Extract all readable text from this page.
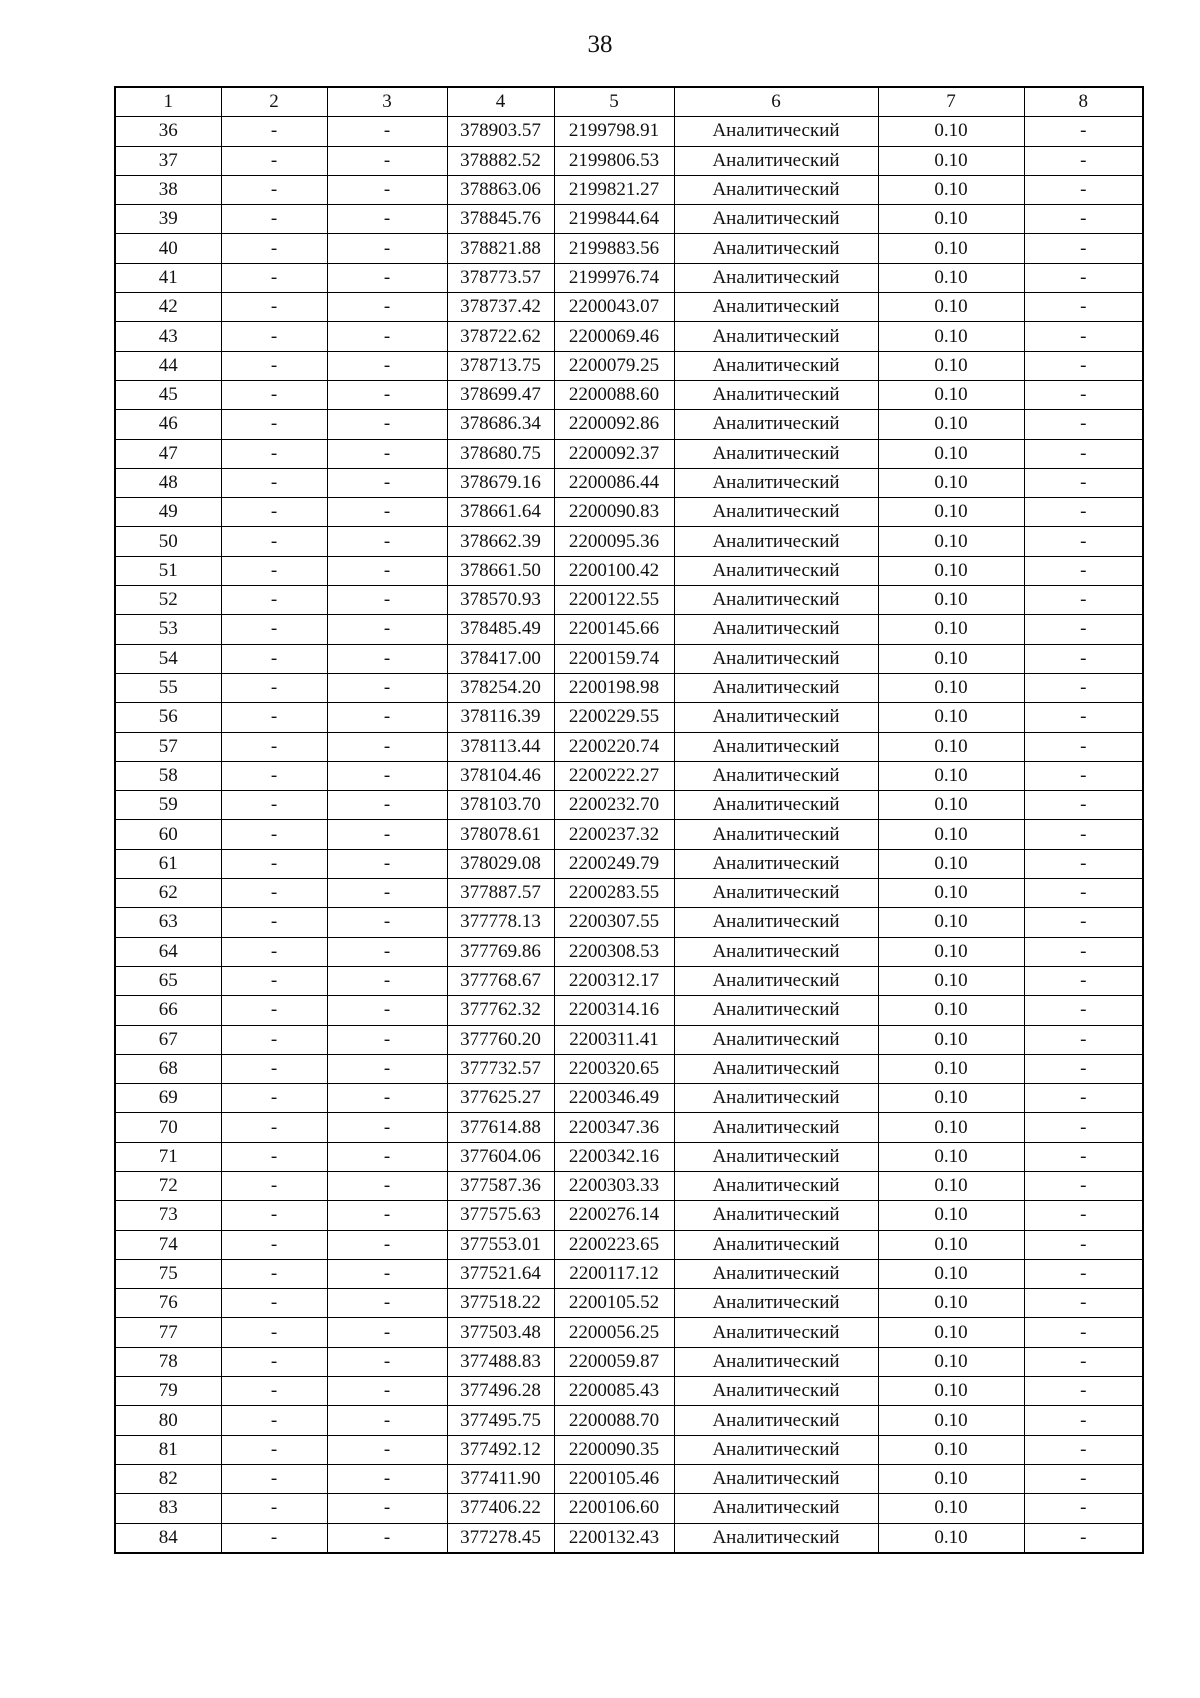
38
1	2	3	4	5	6	7	8
36	-	-	378903.57	2199798.91	Аналитический	0.10	-
37	-	-	378882.52	2199806.53	Аналитический	0.10	-
38	-	-	378863.06	2199821.27	Аналитический	0.10	-
39	-	-	378845.76	2199844.64	Аналитический	0.10	-
40	-	-	378821.88	2199883.56	Аналитический	0.10	-
41	-	-	378773.57	2199976.74	Аналитический	0.10	-
42	-	-	378737.42	2200043.07	Аналитический	0.10	-
43	-	-	378722.62	2200069.46	Аналитический	0.10	-
44	-	-	378713.75	2200079.25	Аналитический	0.10	-
45	-	-	378699.47	2200088.60	Аналитический	0.10	-
46	-	-	378686.34	2200092.86	Аналитический	0.10	-
47	-	-	378680.75	2200092.37	Аналитический	0.10	-
48	-	-	378679.16	2200086.44	Аналитический	0.10	-
49	-	-	378661.64	2200090.83	Аналитический	0.10	-
50	-	-	378662.39	2200095.36	Аналитический	0.10	-
51	-	-	378661.50	2200100.42	Аналитический	0.10	-
52	-	-	378570.93	2200122.55	Аналитический	0.10	-
53	-	-	378485.49	2200145.66	Аналитический	0.10	-
54	-	-	378417.00	2200159.74	Аналитический	0.10	-
55	-	-	378254.20	2200198.98	Аналитический	0.10	-
56	-	-	378116.39	2200229.55	Аналитический	0.10	-
57	-	-	378113.44	2200220.74	Аналитический	0.10	-
58	-	-	378104.46	2200222.27	Аналитический	0.10	-
59	-	-	378103.70	2200232.70	Аналитический	0.10	-
60	-	-	378078.61	2200237.32	Аналитический	0.10	-
61	-	-	378029.08	2200249.79	Аналитический	0.10	-
62	-	-	377887.57	2200283.55	Аналитический	0.10	-
63	-	-	377778.13	2200307.55	Аналитический	0.10	-
64	-	-	377769.86	2200308.53	Аналитический	0.10	-
65	-	-	377768.67	2200312.17	Аналитический	0.10	-
66	-	-	377762.32	2200314.16	Аналитический	0.10	-
67	-	-	377760.20	2200311.41	Аналитический	0.10	-
68	-	-	377732.57	2200320.65	Аналитический	0.10	-
69	-	-	377625.27	2200346.49	Аналитический	0.10	-
70	-	-	377614.88	2200347.36	Аналитический	0.10	-
71	-	-	377604.06	2200342.16	Аналитический	0.10	-
72	-	-	377587.36	2200303.33	Аналитический	0.10	-
73	-	-	377575.63	2200276.14	Аналитический	0.10	-
74	-	-	377553.01	2200223.65	Аналитический	0.10	-
75	-	-	377521.64	2200117.12	Аналитический	0.10	-
76	-	-	377518.22	2200105.52	Аналитический	0.10	-
77	-	-	377503.48	2200056.25	Аналитический	0.10	-
78	-	-	377488.83	2200059.87	Аналитический	0.10	-
79	-	-	377496.28	2200085.43	Аналитический	0.10	-
80	-	-	377495.75	2200088.70	Аналитический	0.10	-
81	-	-	377492.12	2200090.35	Аналитический	0.10	-
82	-	-	377411.90	2200105.46	Аналитический	0.10	-
83	-	-	377406.22	2200106.60	Аналитический	0.10	-
84	-	-	377278.45	2200132.43	Аналитический	0.10	-
